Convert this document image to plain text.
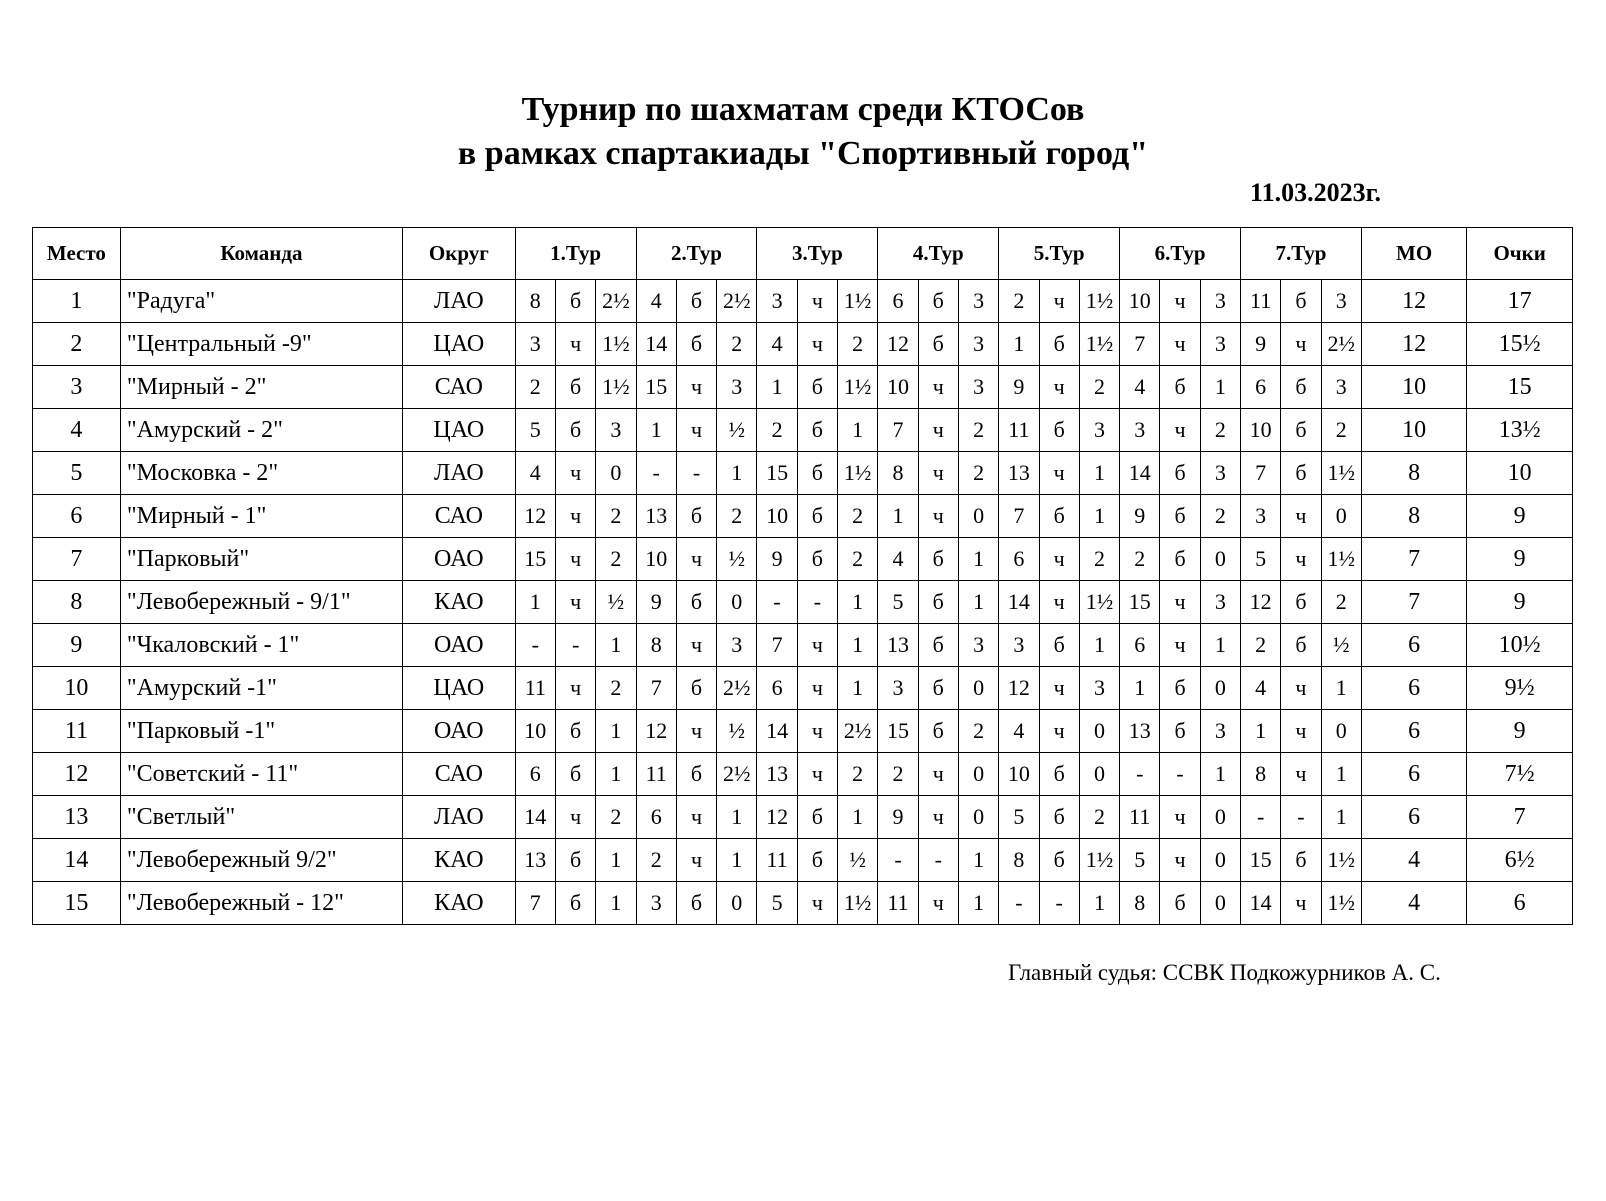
Турнир по шахматам среди КТОСов
в рамках спартакиады "Спортивный город"
11.03.2023г.
Место	Команда	Округ	1.Тур			2.Тур			3.Тур			4.Тур			5.Тур			6.Тур			7.Тур			МО	Очки
1	"Радуга"	ЛАО	8	б	2½	4	б	2½	3	ч	1½	6	б	3	2	ч	1½	10	ч	3	11	б	3	12	17
2	"Центральный -9"	ЦАО	3	ч	1½	14	б	2	4	ч	2	12	б	3	1	б	1½	7	ч	3	9	ч	2½	12	15½
3	"Мирный - 2"	САО	2	б	1½	15	ч	3	1	б	1½	10	ч	3	9	ч	2	4	б	1	6	б	3	10	15
4	"Амурский - 2"	ЦАО	5	б	3	1	ч	½	2	б	1	7	ч	2	11	б	3	3	ч	2	10	б	2	10	13½
5	"Московка - 2"	ЛАО	4	ч	0	-	-	1	15	б	1½	8	ч	2	13	ч	1	14	б	3	7	б	1½	8	10
6	"Мирный - 1"	САО	12	ч	2	13	б	2	10	б	2	1	ч	0	7	б	1	9	б	2	3	ч	0	8	9
7	"Парковый"	ОАО	15	ч	2	10	ч	½	9	б	2	4	б	1	6	ч	2	2	б	0	5	ч	1½	7	9
8	"Левобережный - 9/1"	КАО	1	ч	½	9	б	0	-	-	1	5	б	1	14	ч	1½	15	ч	3	12	б	2	7	9
9	"Чкаловский - 1"	ОАО	-	-	1	8	ч	3	7	ч	1	13	б	3	3	б	1	6	ч	1	2	б	½	6	10½
10	"Амурский -1"	ЦАО	11	ч	2	7	б	2½	6	ч	1	3	б	0	12	ч	3	1	б	0	4	ч	1	6	9½
11	"Парковый -1"	ОАО	10	б	1	12	ч	½	14	ч	2½	15	б	2	4	ч	0	13	б	3	1	ч	0	6	9
12	"Советский - 11"	САО	6	б	1	11	б	2½	13	ч	2	2	ч	0	10	б	0	-	-	1	8	ч	1	6	7½
13	"Светлый"	ЛАО	14	ч	2	6	ч	1	12	б	1	9	ч	0	5	б	2	11	ч	0	-	-	1	6	7
14	"Левобережный 9/2"	КАО	13	б	1	2	ч	1	11	б	½	-	-	1	8	б	1½	5	ч	0	15	б	1½	4	6½
15	"Левобережный - 12"	КАО	7	б	1	3	б	0	5	ч	1½	11	ч	1	-	-	1	8	б	0	14	ч	1½	4	6
Главный судья: ССВК Подкожурников А. С.
